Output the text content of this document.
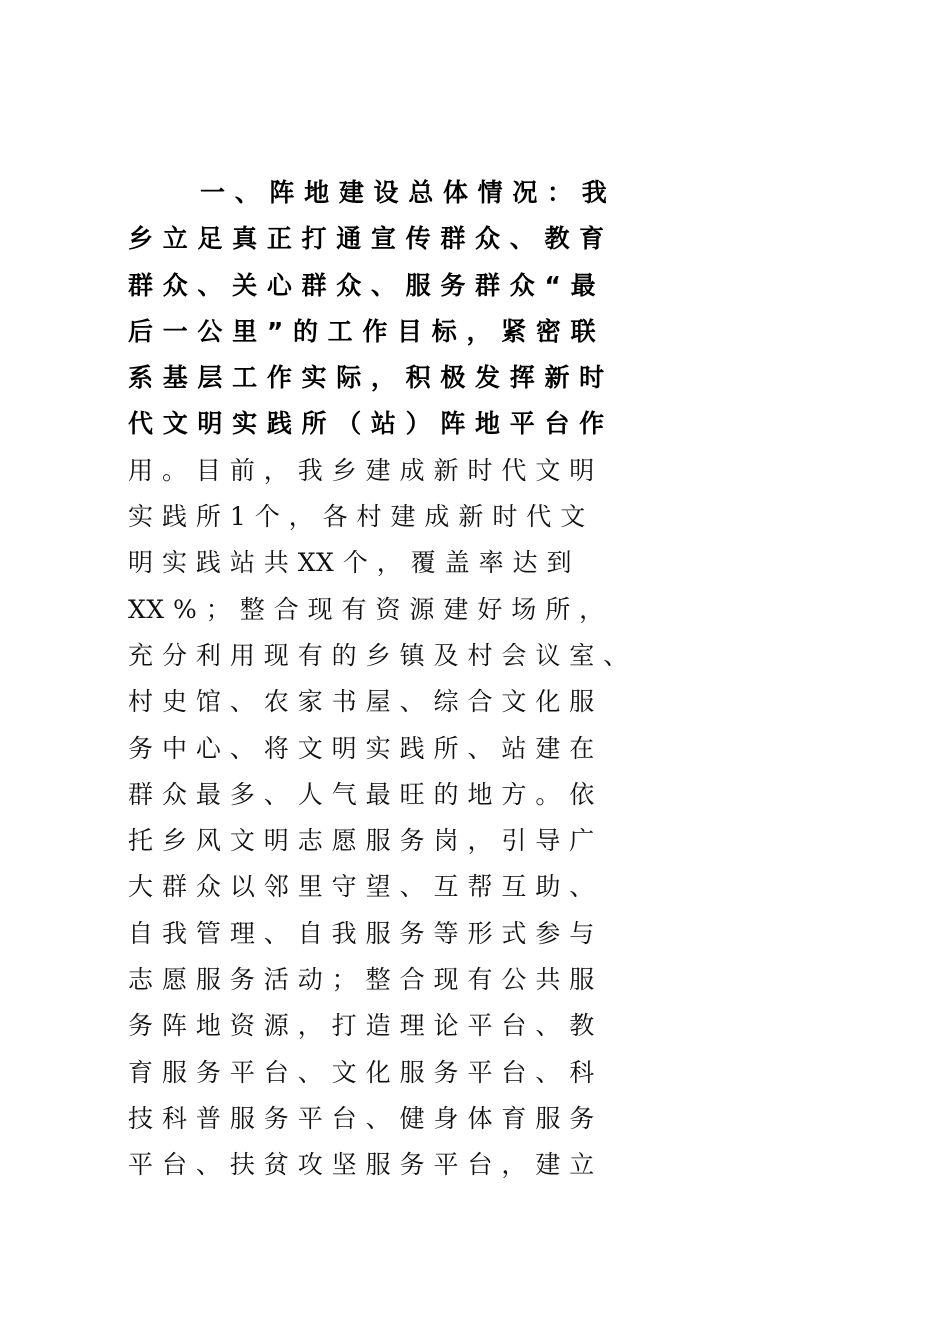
一 、 阵 地 建 设 总 体 情 况 ： 我
乡 立 足 真 正 打 通 宣 传 群 众 、 教 育
群 众 、 关 心 群 众 、 服 务 群 众 “ 最
后 一 公 里 ” 的 工 作 目 标 ， 紧 密 联
系 基 层 工 作 实 际 ， 积 极 发 挥 新 时
代 文 明 实 践 所 （ 站 ） 阵 地 平 台 作
用 。 目 前 ， 我 乡 建 成 新 时 代 文 明
实 践 所 1 个 ， 各 村 建 成 新 时 代 文
明 实 践 站 共 XX 个 ， 覆 盖 率 达 到
XX % ； 整 合 现 有 资 源 建 好 场 所 ，
充 分 利 用 现 有 的 乡 镇 及 村 会 议 室 、
村 史 馆 、 农 家 书 屋 、 综 合 文 化 服
务 中 心 、 将 文 明 实 践 所 、 站 建 在
群 众 最 多 、 人 气 最 旺 的 地 方 。 依
托 乡 风 文 明 志 愿 服 务 岗 ， 引 导 广
大 群 众 以 邻 里 守 望 、 互 帮 互 助 、
自 我 管 理 、 自 我 服 务 等 形 式 参 与
志 愿 服 务 活 动 ； 整 合 现 有 公 共 服
务 阵 地 资 源 ， 打 造 理 论 平 台 、 教
育 服 务 平 台 、 文 化 服 务 平 台 、 科
技 科 普 服 务 平 台 、 健 身 体 育 服 务
平 台 、 扶 贫 攻 坚 服 务 平 台 ， 建 立
